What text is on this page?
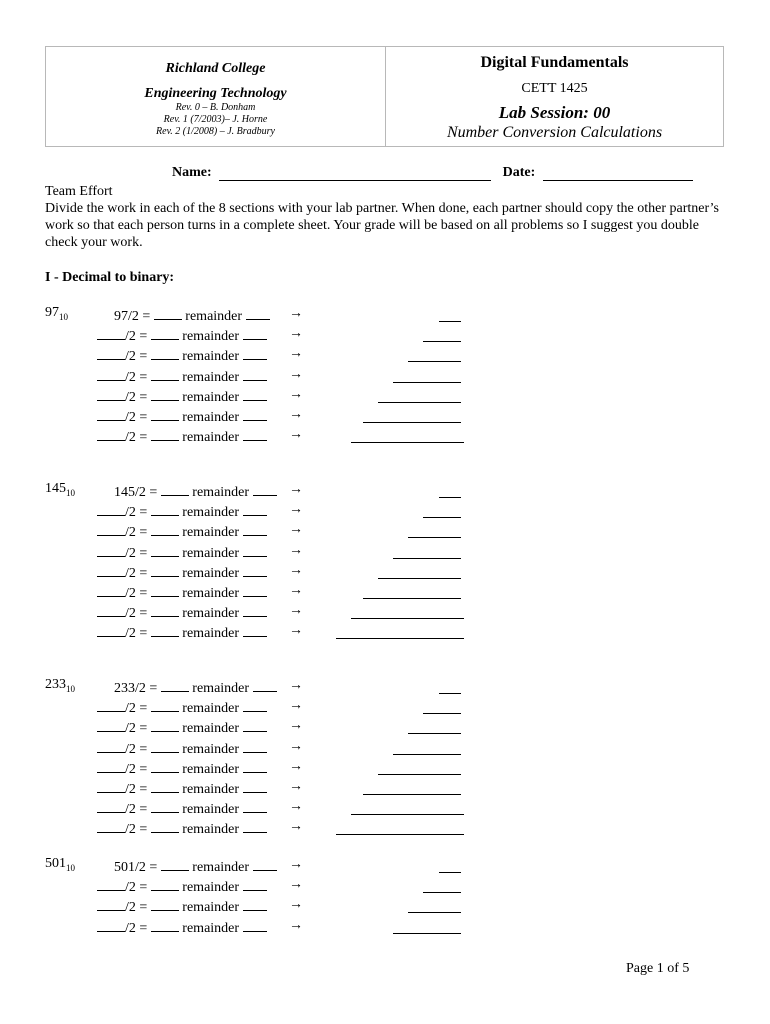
Richland College
Engineering Technology
Rev. 0 – B. Donham
Rev. 1 (7/2003)– J. Horne
Rev. 2 (1/2008) – J. Bradbury
Digital Fundamentals
CETT 1425
Lab Session: 00
Number Conversion Calculations
Name:	Date:
Team Effort
Divide the work in each of the 8 sections with your lab partner. When done, each partner should copy the other partner’s work so that each person turns in a complete sheet. Your grade will be based on all problems so I suggest you double check your work.
I - Decimal to binary:
$97_{10}$	97/2 =  remainder	→
/2 =  remainder	→
/2 =  remainder	→
/2 =  remainder	→
/2 =  remainder	→
/2 =  remainder	→
/2 =  remainder	→
$145_{10}$	145/2 =  remainder	→
/2 =  remainder	→
/2 =  remainder	→
/2 =  remainder	→
/2 =  remainder	→
/2 =  remainder	→
/2 =  remainder	→
/2 =  remainder	→
$233_{10}$	233/2 =  remainder	→
/2 =  remainder	→
/2 =  remainder	→
/2 =  remainder	→
/2 =  remainder	→
/2 =  remainder	→
/2 =  remainder	→
/2 =  remainder	→
$501_{10}$	501/2 =  remainder	→
/2 =  remainder	→
/2 =  remainder	→
/2 =  remainder	→
Page 1 of 5
